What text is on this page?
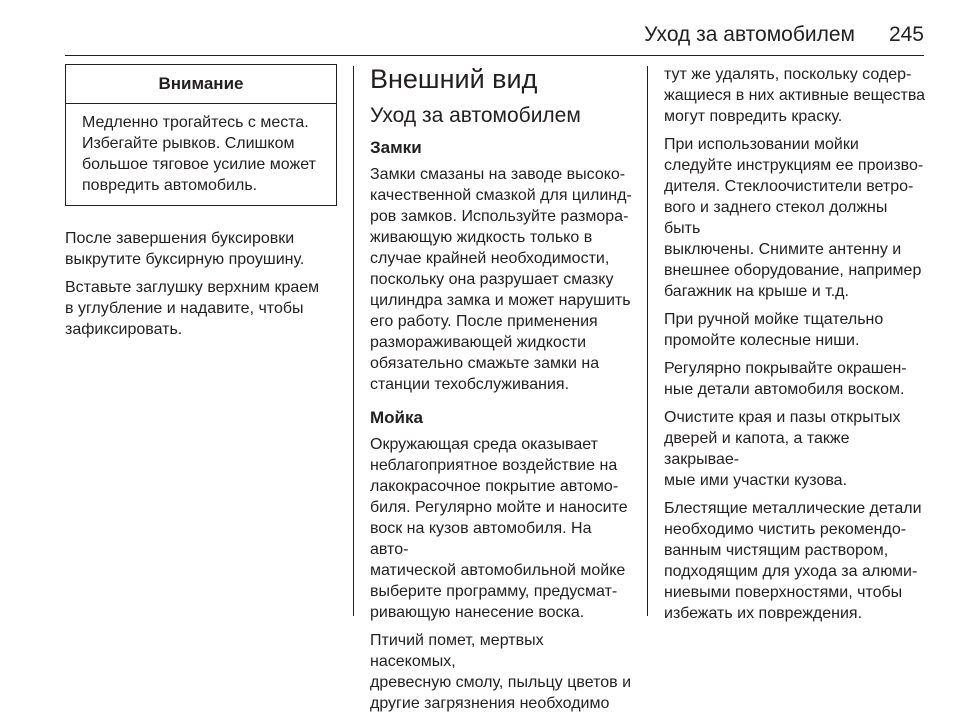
Уход за автомобилем 245
Внимание
Медленно трогайтесь с места.
Избегайте рывков. Слишком
большое тяговое усилие может
повредить автомобиль.

После завершения буксировки
выкрутите буксирную проушину.

Вставьте заглушку верхним краем
в углубление и надавите, чтобы
зафиксировать.

Внешний вид
Уход за автомобилем
Замки

Замки смазаны на заводе высоко-
качественной смазкой для цилинд-
ров замков. Используйте размора-
живающую жидкость только в
случае крайней необходимости,
поскольку она разрушает смазку
цилиндра замка и может нарушить
его работу. После применения
размораживающей жидкости
обязательно смажьте замки на
станции техобслуживания.

Мойка

Окружающая среда оказывает
неблагоприятное воздействие на
лакокрасочное покрытие автомо-
биля. Регулярно мойте и наносите
воск на кузов автомобиля. На авто-
матической автомобильной мойке
выберите программу, предусмат-
ривающую нанесение воска.

Птичий помет, мертвых насекомых,
древесную смолу, пыльцу цветов и
другие загрязнения необходимо

тут же удалять, поскольку содер-
жащиеся в них активные вещества
могут повредить краску.

При использовании мойки
следуйте инструкциям ее произво-
дителя. Стеклоочистители ветро-
вого и заднего стекол должны быть
выключены. Снимите антенну и
внешнее оборудование, например
багажник на крыше и т.д.

При ручной мойке тщательно
промойте колесные ниши.

Регулярно покрывайте окрашен-
ные детали автомобиля воском.

Очистите края и пазы открытых
дверей и капота, а также закрывае-
мые ими участки кузова.

Блестящие металлические детали
необходимо чистить рекомендо-
ванным чистящим раствором,
подходящим для ухода за алюми-
ниевыми поверхностями, чтобы
избежать их повреждения.
